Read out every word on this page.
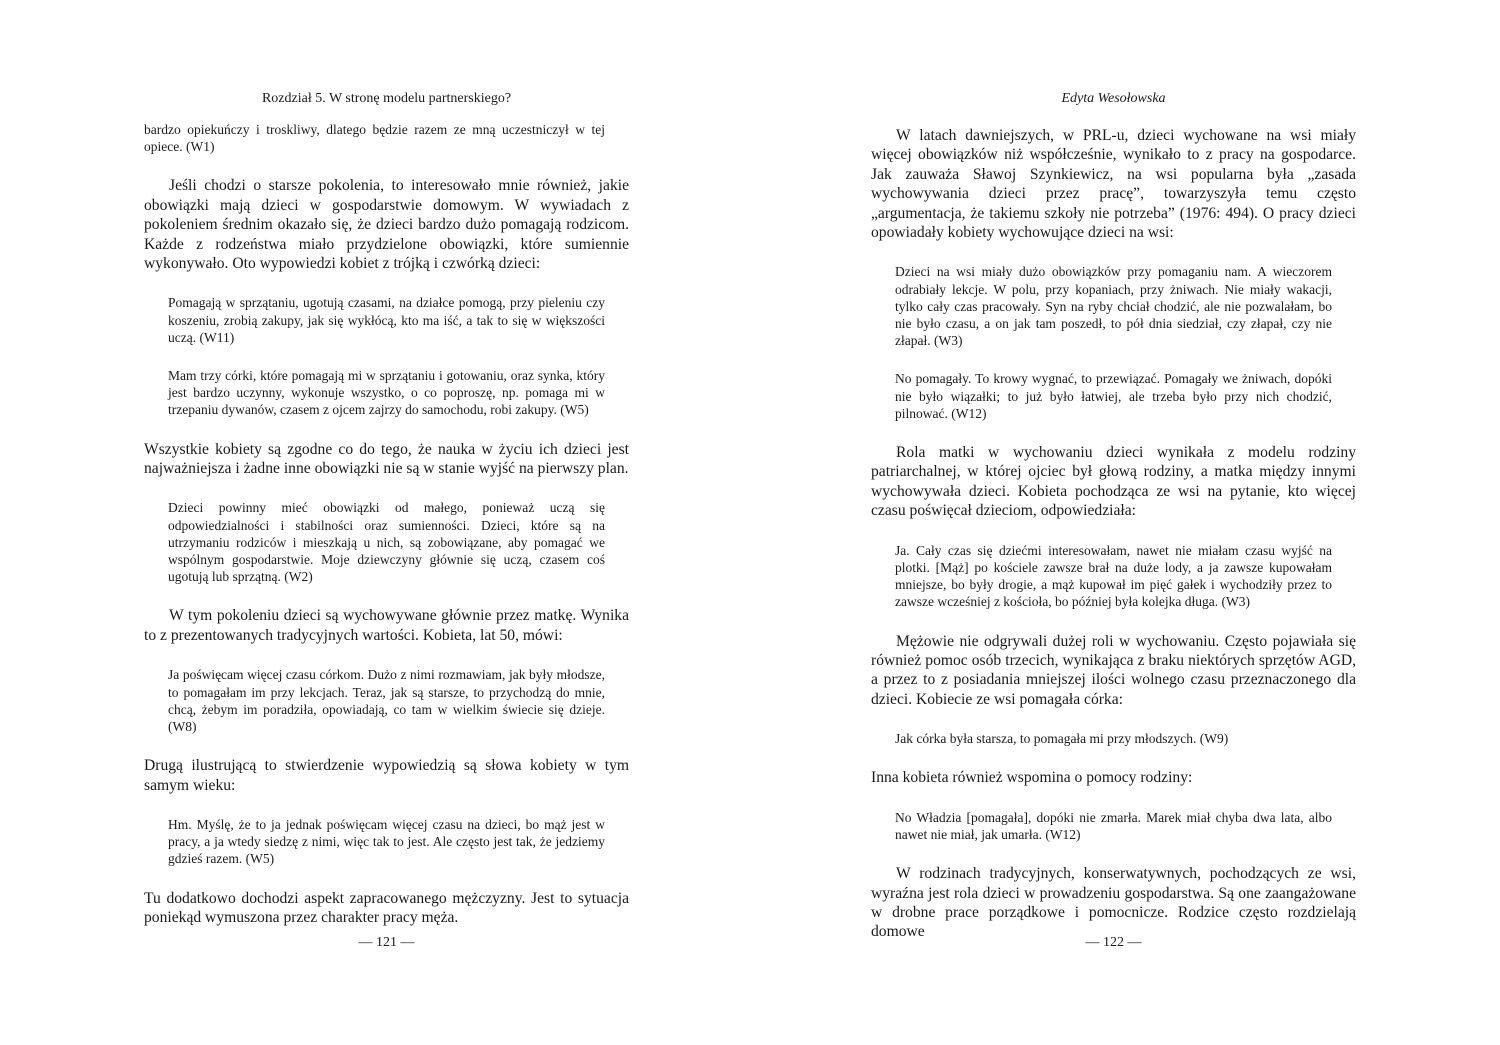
Rozdział 5. W stronę modelu partnerskiego?
bardzo opiekuńczy i troskliwy, dlatego będzie razem ze mną uczestniczył w tej opiece. (W1)

Jeśli chodzi o starsze pokolenia, to interesowało mnie również, jakie obowiązki mają dzieci w gospodarstwie domowym. W wywiadach z pokoleniem średnim okazało się, że dzieci bardzo dużo pomagają rodzicom. Każde z rodzeństwa miało przydzielone obowiązki, które sumiennie wykonywało. Oto wypowiedzi kobiet z trójką i czwórką dzieci:

Pomagają w sprzątaniu, ugotują czasami, na działce pomogą, przy pieleniu czy koszeniu, zrobią zakupy, jak się wykłócą, kto ma iść, a tak to się w większości uczą. (W11)
Mam trzy córki, które pomagają mi w sprzątaniu i gotowaniu, oraz synka, który jest bardzo uczynny, wykonuje wszystko, o co poproszę, np. pomaga mi w trzepaniu dywanów, czasem z ojcem zajrzy do samochodu, robi zakupy. (W5)

Wszystkie kobiety są zgodne co do tego, że nauka w życiu ich dzieci jest najważniejsza i żadne inne obowiązki nie są w stanie wyjść na pierwszy plan.

Dzieci powinny mieć obowiązki od małego, ponieważ uczą się odpowiedzialności i stabilności oraz sumienności. Dzieci, które są na utrzymaniu rodziców i mieszkają u nich, są zobowiązane, aby pomagać we wspólnym gospodarstwie. Moje dziewczyny głównie się uczą, czasem coś ugotują lub sprzątną. (W2)

W tym pokoleniu dzieci są wychowywane głównie przez matkę. Wynika to z prezentowanych tradycyjnych wartości. Kobieta, lat 50, mówi:

Ja poświęcam więcej czasu córkom. Dużo z nimi rozmawiam, jak były młodsze, to pomagałam im przy lekcjach. Teraz, jak są starsze, to przychodzą do mnie, chcą, żebym im poradziła, opowiadają, co tam w wielkim świecie się dzieje. (W8)

Drugą ilustrującą to stwierdzenie wypowiedzią są słowa kobiety w tym samym wieku:

Hm. Myślę, że to ja jednak poświęcam więcej czasu na dzieci, bo mąż jest w pracy, a ja wtedy siedzę z nimi, więc tak to jest. Ale często jest tak, że jedziemy gdzieś razem. (W5)

Tu dodatkowo dochodzi aspekt zapracowanego mężczyzny. Jest to sytuacja poniekąd wymuszona przez charakter pracy męża.

— 121 —
Edyta Wesołowska

W latach dawniejszych, w PRL-u, dzieci wychowane na wsi miały więcej obowiązków niż współcześnie, wynikało to z pracy na gospodarce. Jak zauważa Sławoj Szynkiewicz, na wsi popularna była „zasada wychowywania dzieci przez pracę”, towarzyszyła temu często „argumentacja, że takiemu szkoły nie potrzeba” (1976: 494). O pracy dzieci opowiadały kobiety wychowujące dzieci na wsi:

Dzieci na wsi miały dużo obowiązków przy pomaganiu nam. A wieczorem odrabiały lekcje. W polu, przy kopaniach, przy żniwach. Nie miały wakacji, tylko cały czas pracowały. Syn na ryby chciał chodzić, ale nie pozwalałam, bo nie było czasu, a on jak tam poszedł, to pół dnia siedział, czy złapał, czy nie złapał. (W3)
No pomagały. To krowy wygnać, to przewiązać. Pomagały we żniwach, dopóki nie było wiązałki; to już było łatwiej, ale trzeba było przy nich chodzić, pilnować. (W12)

Rola matki w wychowaniu dzieci wynikała z modelu rodziny patriarchalnej, w której ojciec był głową rodziny, a matka między innymi wychowywała dzieci. Kobieta pochodząca ze wsi na pytanie, kto więcej czasu poświęcał dzieciom, odpowiedziała:

Ja. Cały czas się dziećmi interesowałam, nawet nie miałam czasu wyjść na plotki. [Mąż] po kościele zawsze brał na duże lody, a ja zawsze kupowałam mniejsze, bo były drogie, a mąż kupował im pięć gałek i wychodziły przez to zawsze wcześniej z kościoła, bo później była kolejka długa. (W3)

Mężowie nie odgrywali dużej roli w wychowaniu. Często pojawiała się również pomoc osób trzecich, wynikająca z braku niektórych sprzętów AGD, a przez to z posiadania mniejszej ilości wolnego czasu przeznaczonego dla dzieci. Kobiecie ze wsi pomagała córka:

Jak córka była starsza, to pomagała mi przy młodszych. (W9)

Inna kobieta również wspomina o pomocy rodziny:

No Władzia [pomagała], dopóki nie zmarła. Marek miał chyba dwa lata, albo nawet nie miał, jak umarła. (W12)

W rodzinach tradycyjnych, konserwatywnych, pochodzących ze wsi, wyraźna jest rola dzieci w prowadzeniu gospodarstwa. Są one zaangażowane w drobne prace porządkowe i pomocnicze. Rodzice często rozdzielają domowe

— 122 —
